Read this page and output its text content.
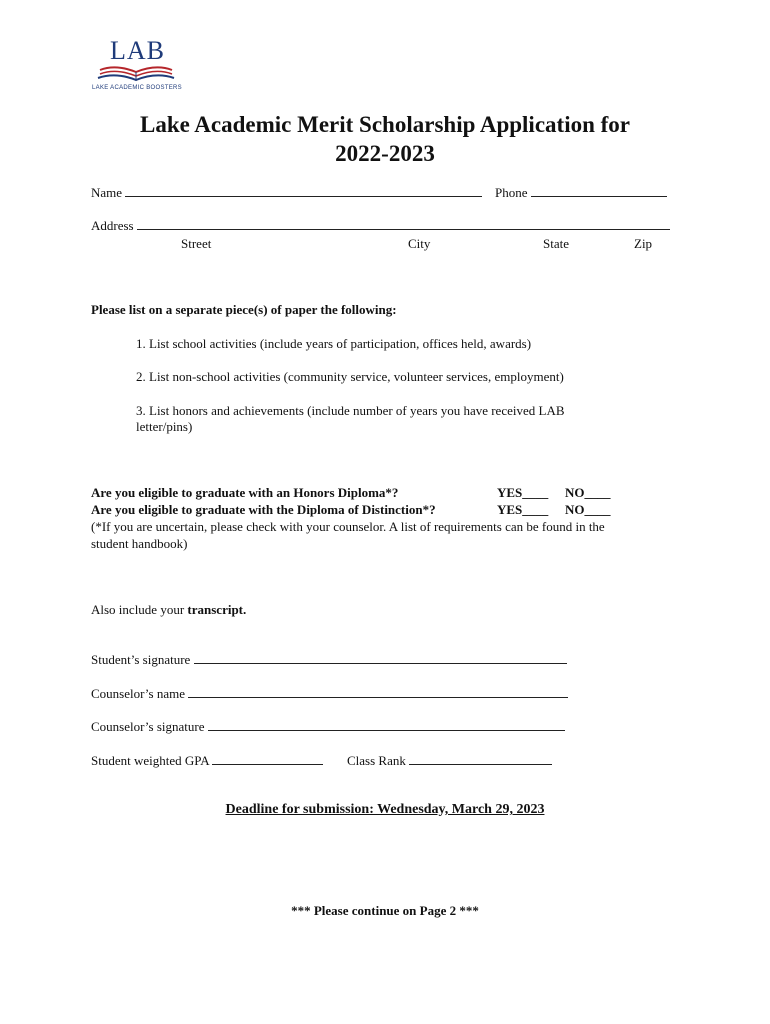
LAB
LAKE ACADEMIC BOOSTERS
Lake Academic Merit Scholarship Application for
2022-2023
Name	Phone
Address
Street	City	State	Zip
Please list on a separate piece(s) of paper the following:
1. List school activities (include years of participation, offices held, awards)
2. List non-school activities (community service, volunteer services, employment)
3. List honors and achievements (include number of years you have received LAB
letter/pins)
Are you eligible to graduate with an Honors Diploma*?	YES____ NO____
Are you eligible to graduate with the Diploma of Distinction*?	YES____ NO____
(*If you are uncertain, please check with your counselor. A list of requirements can be found in the
student handbook)
Also include your transcript.
Student’s signature
Counselor’s name
Counselor’s signature
Student weighted GPA	Class Rank
Deadline for submission: Wednesday, March 29, 2023
*** Please continue on Page 2 ***
